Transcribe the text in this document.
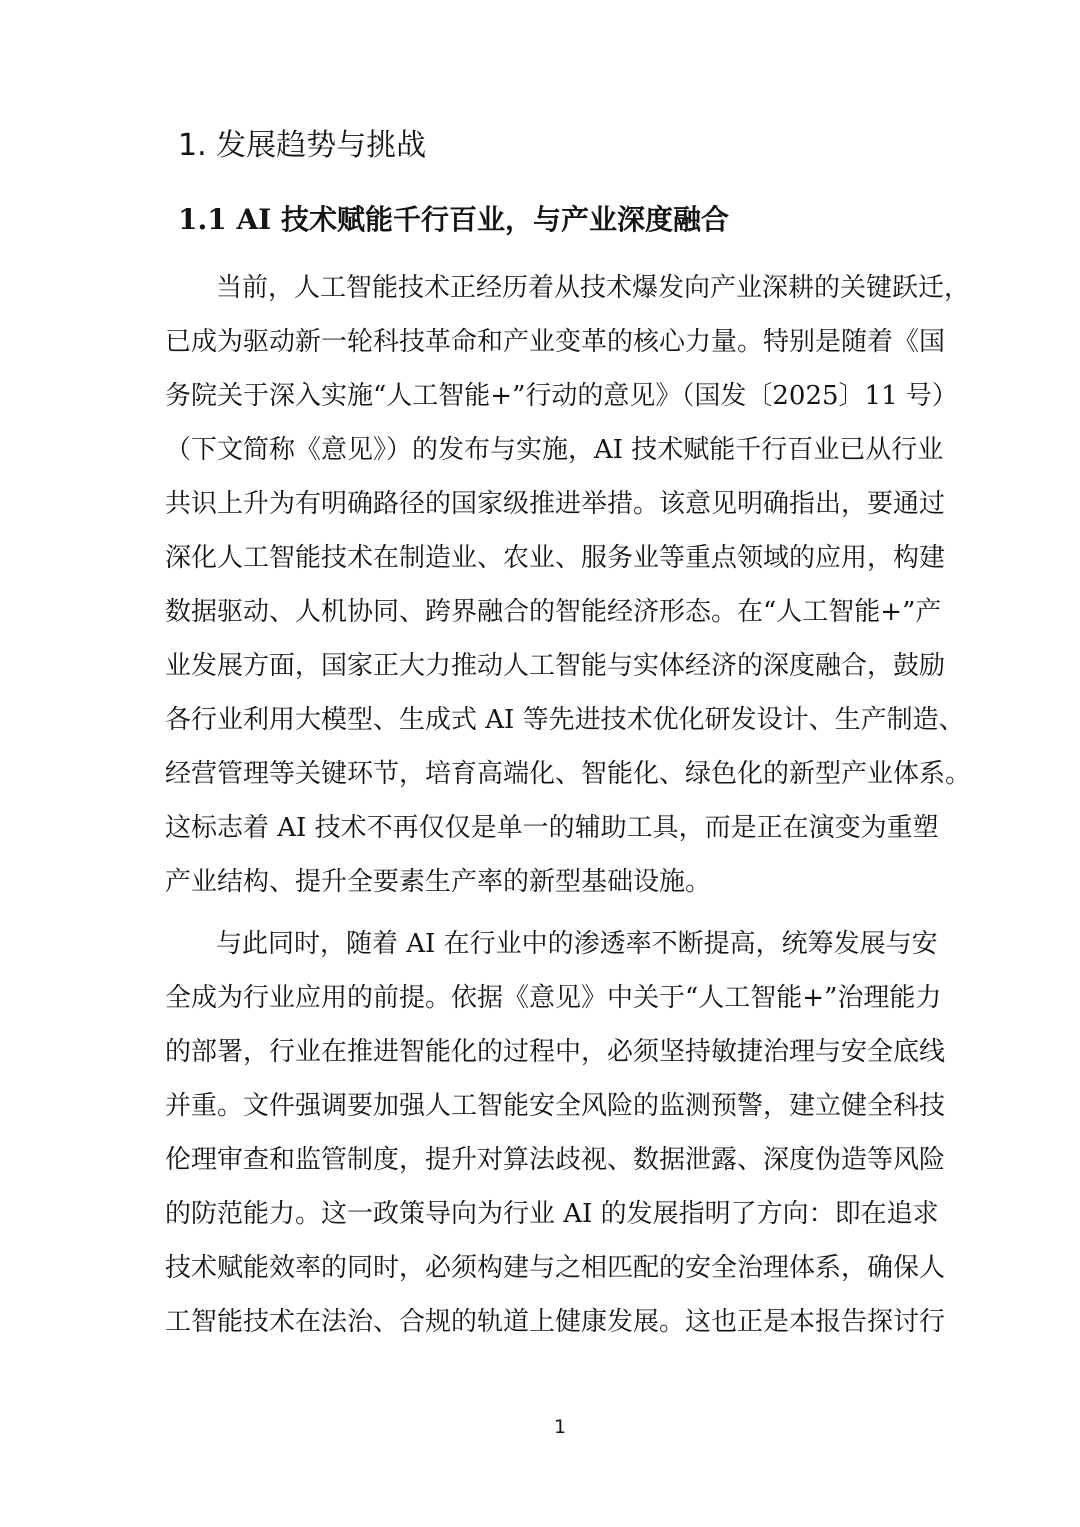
1. 发展趋势与挑战
1.1 AI 技术赋能千行百业，与产业深度融合
当前，人工智能技术正经历着从技术爆发向产业深耕的关键跃迁，
已成为驱动新一轮科技革命和产业变革的核心力量。特别是随着《国
务院关于深入实施“人工智能+”行动的意见》（国发〔2025〕11 号）
（下文简称《意见》）的发布与实施，AI 技术赋能千行百业已从行业
共识上升为有明确路径的国家级推进举措。该意见明确指出，要通过
深化人工智能技术在制造业、农业、服务业等重点领域的应用，构建
数据驱动、人机协同、跨界融合的智能经济形态。在“人工智能+”产
业发展方面，国家正大力推动人工智能与实体经济的深度融合，鼓励
各行业利用大模型、生成式 AI 等先进技术优化研发设计、生产制造、
经营管理等关键环节，培育高端化、智能化、绿色化的新型产业体系。
这标志着 AI 技术不再仅仅是单一的辅助工具，而是正在演变为重塑
产业结构、提升全要素生产率的新型基础设施。
与此同时，随着 AI 在行业中的渗透率不断提高，统筹发展与安
全成为行业应用的前提。依据《意见》中关于“人工智能+”治理能力
的部署，行业在推进智能化的过程中，必须坚持敏捷治理与安全底线
并重。文件强调要加强人工智能安全风险的监测预警，建立健全科技
伦理审查和监管制度，提升对算法歧视、数据泄露、深度伪造等风险
的防范能力。这一政策导向为行业 AI 的发展指明了方向：即在追求
技术赋能效率的同时，必须构建与之相匹配的安全治理体系，确保人
工智能技术在法治、合规的轨道上健康发展。这也正是本报告探讨行
1
